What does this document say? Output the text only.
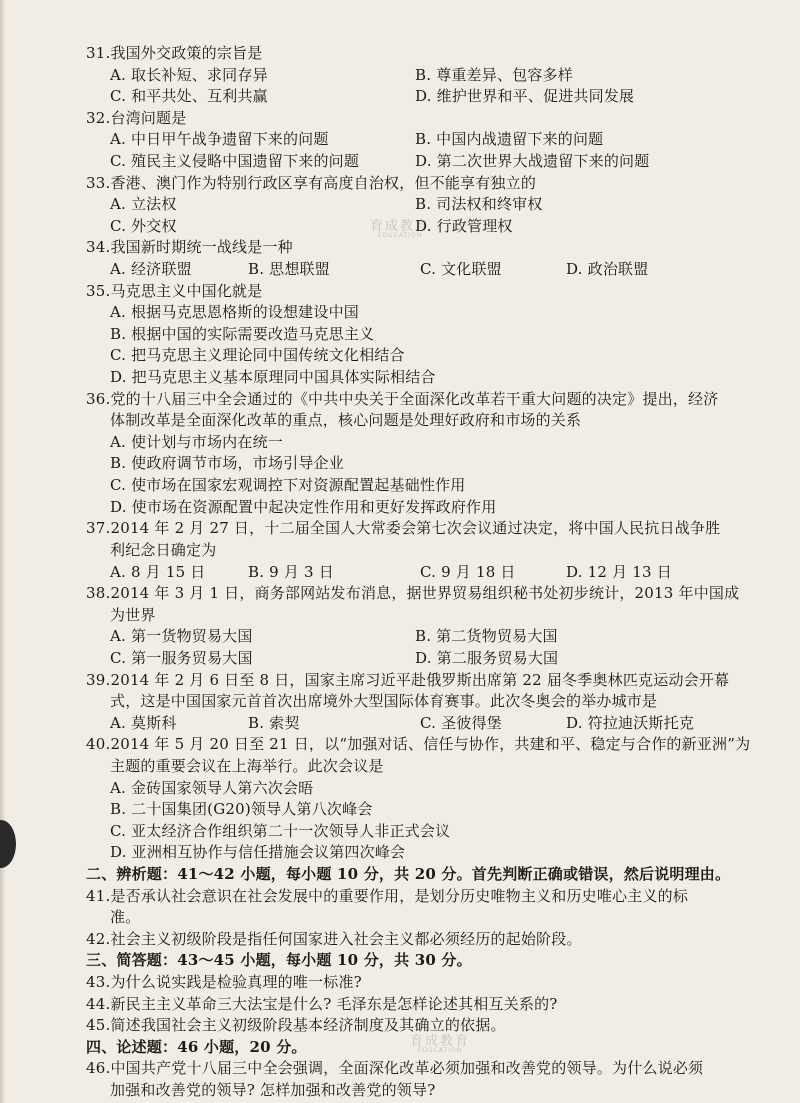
育成教育
EDUCATION
育成教育
EDUCATION
31.我国外交政策的宗旨是
A. 取长补短、求同存异	B. 尊重差异、包容多样
C. 和平共处、互利共赢	D. 维护世界和平、促进共同发展
32.台湾问题是
A. 中日甲午战争遗留下来的问题	B. 中国内战遗留下来的问题
C. 殖民主义侵略中国遗留下来的问题	D. 第二次世界大战遗留下来的问题
33.香港、澳门作为特别行政区享有高度自治权，但不能享有独立的
A. 立法权	B. 司法权和终审权
C. 外交权	D. 行政管理权
34.我国新时期统一战线是一种
A. 经济联盟	B. 思想联盟	C. 文化联盟	D. 政治联盟
35.马克思主义中国化就是
A. 根据马克思恩格斯的设想建设中国
B. 根据中国的实际需要改造马克思主义
C. 把马克思主义理论同中国传统文化相结合
D. 把马克思主义基本原理同中国具体实际相结合
36.党的十八届三中全会通过的《中共中央关于全面深化改革若干重大问题的决定》提出，经济
体制改革是全面深化改革的重点，核心问题是处理好政府和市场的关系
A. 使计划与市场内在统一
B. 使政府调节市场，市场引导企业
C. 使市场在国家宏观调控下对资源配置起基础性作用
D. 使市场在资源配置中起决定性作用和更好发挥政府作用
37.2014 年 2 月 27 日，十二届全国人大常委会第七次会议通过决定，将中国人民抗日战争胜
利纪念日确定为
A. 8 月 15 日	B. 9 月 3 日	C. 9 月 18 日	D. 12 月 13 日
38.2014 年 3 月 1 日，商务部网站发布消息，据世界贸易组织秘书处初步统计，2013 年中国成
为世界
A. 第一货物贸易大国	B. 第二货物贸易大国
C. 第一服务贸易大国	D. 第二服务贸易大国
39.2014 年 2 月 6 日至 8 日，国家主席习近平赴俄罗斯出席第 22 届冬季奥林匹克运动会开幕
式，这是中国国家元首首次出席境外大型国际体育赛事。此次冬奥会的举办城市是
A. 莫斯科	B. 索契	C. 圣彼得堡	D. 符拉迪沃斯托克
40.2014 年 5 月 20 日至 21 日，以“加强对话、信任与协作，共建和平、稳定与合作的新亚洲”为
主题的重要会议在上海举行。此次会议是
A. 金砖国家领导人第六次会晤
B. 二十国集团(G20)领导人第八次峰会
C. 亚太经济合作组织第二十一次领导人非正式会议
D. 亚洲相互协作与信任措施会议第四次峰会
二、辨析题：41～42 小题，每小题 10 分，共 20 分。首先判断正确或错误，然后说明理由。
41.是否承认社会意识在社会发展中的重要作用，是划分历史唯物主义和历史唯心主义的标
准。
42.社会主义初级阶段是指任何国家进入社会主义都必须经历的起始阶段。
三、简答题：43～45 小题，每小题 10 分，共 30 分。
43.为什么说实践是检验真理的唯一标准?
44.新民主主义革命三大法宝是什么? 毛泽东是怎样论述其相互关系的?
45.简述我国社会主义初级阶段基本经济制度及其确立的依据。
四、论述题：46 小题，20 分。
46.中国共产党十八届三中全会强调，全面深化改革必须加强和改善党的领导。为什么说必须
加强和改善党的领导? 怎样加强和改善党的领导?
